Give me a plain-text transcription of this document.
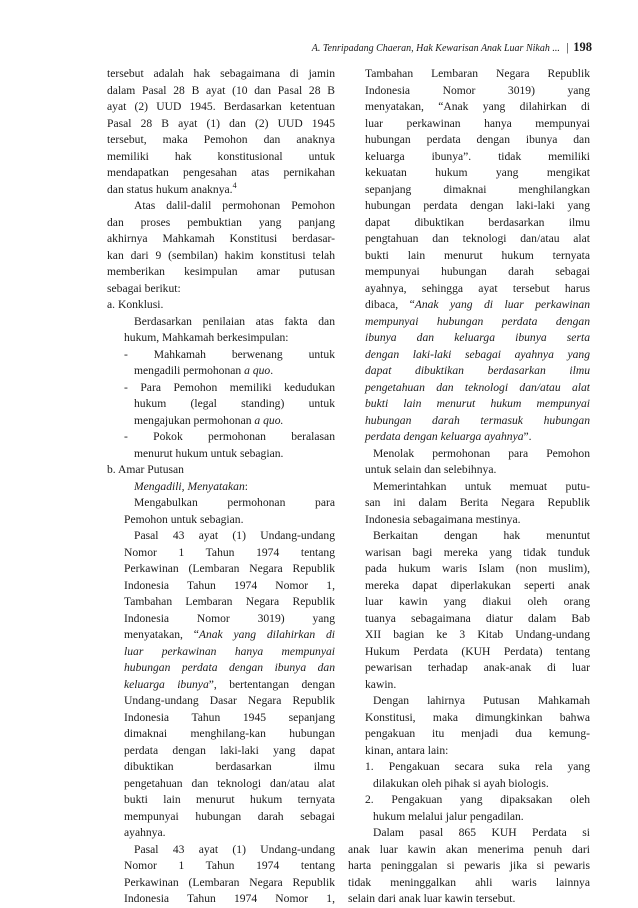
A. Tenripadang Chaeran, Hak Kewarisan Anak Luar Nikah ... | 198
tersebut adalah hak sebagaimana di jamin
dalam Pasal 28 B ayat (10 dan Pasal 28 B
ayat (2) UUD 1945. Berdasarkan ketentuan
Pasal 28 B ayat (1) dan (2) UUD 1945
tersebut, maka Pemohon dan anaknya
memiliki hak konstitusional untuk
mendapatkan pengesahan atas pernikahan
dan status hukum anaknya.$^4$
Atas dalil-dalil permohonan Pemohon
dan proses pembuktian yang panjang
akhirnya Mahkamah Konstitusi berdasar-
kan dari 9 (sembilan) hakim konstitusi telah
memberikan kesimpulan amar putusan
sebagai berikut:
a. Konklusi.
Berdasarkan penilaian atas fakta dan
hukum, Mahkamah berkesimpulan:
- Mahkamah berwenang untuk
mengadili permohonan a quo.
- Para Pemohon memiliki kedudukan
hukum (legal standing) untuk
mengajukan permohonan a quo.
- Pokok permohonan beralasan
menurut hukum untuk sebagian.
b. Amar Putusan
Mengadili, Menyatakan:
Mengabulkan permohonan para
Pemohon untuk sebagian.
Pasal 43 ayat (1) Undang-undang
Nomor 1 Tahun 1974 tentang
Perkawinan (Lembaran Negara Republik
Indonesia Tahun 1974 Nomor 1,
Tambahan Lembaran Negara Republik
Indonesia Nomor 3019) yang
menyatakan, “Anak yang dilahirkan di
luar perkawinan hanya mempunyai
hubungan perdata dengan ibunya dan
keluarga ibunya”, bertentangan dengan
Undang-undang Dasar Negara Republik
Indonesia Tahun 1945 sepanjang
dimaknai menghilang-kan hubungan
perdata dengan laki-laki yang dapat
dibuktikan berdasarkan ilmu
pengetahuan dan teknologi dan/atau alat
bukti lain menurut hukum ternyata
mempunyai hubungan darah sebagai
ayahnya.
Pasal 43 ayat (1) Undang-undang
Nomor 1 Tahun 1974 tentang
Perkawinan (Lembaran Negara Republik
Indonesia Tahun 1974 Nomor 1,
Tambahan Lembaran Negara Republik
Indonesia Nomor 3019) yang
menyatakan, “Anak yang dilahirkan di
luar perkawinan hanya mempunyai
hubungan perdata dengan ibunya dan
keluarga ibunya”. tidak memiliki
kekuatan hukum yang mengikat
sepanjang dimaknai menghilangkan
hubungan perdata dengan laki-laki yang
dapat dibuktikan berdasarkan ilmu
pengtahuan dan teknologi dan/atau alat
bukti lain menurut hukum ternyata
mempunyai hubungan darah sebagai
ayahnya, sehingga ayat tersebut harus
dibaca, “Anak yang di luar perkawinan
mempunyai hubungan perdata dengan
ibunya dan keluarga ibunya serta
dengan laki-laki sebagai ayahnya yang
dapat dibuktikan berdasarkan ilmu
pengetahuan dan teknologi dan/atau alat
bukti lain menurut hukum mempunyai
hubungan darah termasuk hubungan
perdata dengan keluarga ayahnya”.
Menolak permohonan para Pemohon
untuk selain dan selebihnya.
Memerintahkan untuk memuat putu-
san ini dalam Berita Negara Republik
Indonesia sebagaimana mestinya.
Berkaitan dengan hak menuntut
warisan bagi mereka yang tidak tunduk
pada hukum waris Islam (non muslim),
mereka dapat diperlakukan seperti anak
luar kawin yang diakui oleh orang
tuanya sebagaimana diatur dalam Bab
XII bagian ke 3 Kitab Undang-undang
Hukum Perdata (KUH Perdata) tentang
pewarisan terhadap anak-anak di luar
kawin.
Dengan lahirnya Putusan Mahkamah
Konstitusi, maka dimungkinkan bahwa
pengakuan itu menjadi dua kemung-
kinan, antara lain:
1. Pengakuan secara suka rela yang
dilakukan oleh pihak si ayah biologis.
2. Pengakuan yang dipaksakan oleh
hukum melalui jalur pengadilan.
Dalam pasal 865 KUH Perdata si
anak luar kawin akan menerima penuh dari
harta peninggalan si pewaris jika si pewaris
tidak meninggalkan ahli waris lainnya
selain dari anak luar kawin tersebut.
